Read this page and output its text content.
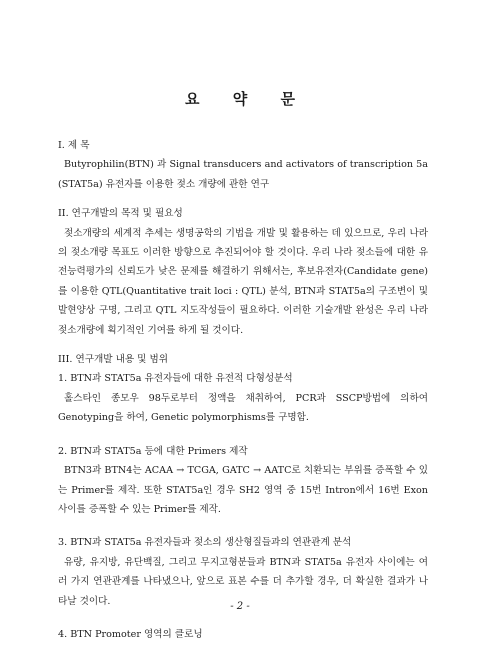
요 약 문

I. 제 목

Butyrophilin(BTN) 과 Signal transducers and activators of transcription 5a (STAT5a) 유전자를 이용한 젖소 개량에 관한 연구

II. 연구개발의 목적 및 필요성

젖소개량의 세계적 추세는 생명공학의 기법을 개발 및 활용하는 데 있으므로, 우리 나라의 젖소개량 목표도 이러한 방향으로 추진되어야 할 것이다. 우리 나라 젖소들에 대한 유전능력평가의 신뢰도가 낮은 문제를 해결하기 위해서는, 후보유전자(Candidate gene)를 이용한 QTL(Quantitative trait loci : QTL) 분석, BTN과 STAT5a의 구조변이 및 발현양상 구명, 그리고 QTL 지도작성들이 필요하다. 이러한 기술개발 완성은 우리 나라 젖소개량에 획기적인 기여를 하게 될 것이다.

III. 연구개발 내용 및 범위

1. BTN과 STAT5a 유전자들에 대한 유전적 다형성분석

홀스타인 종모우 98두로부터 정액을 채취하여, PCR과 SSCP방법에 의하여 Genotyping을 하여, Genetic polymorphisms를 구명함.

2. BTN과 STAT5a 등에 대한 Primers 제작

BTN3과 BTN4는 ACAA → TCGA, GATC → AATC로 치환되는 부위를 증폭할 수 있는 Primer를 제작. 또한 STAT5a인 경우 SH2 영역 중 15번 Intron에서 16번 Exon 사이를 증폭할 수 있는 Primer를 제작.

3. BTN과 STAT5a 유전자들과 젖소의 생산형질들과의 연관관계 분석

유량, 유지방, 유단백질, 그리고 무지고형분들과 BTN과 STAT5a 유전자 사이에는 여러 가지 연관관계를 나타냈으나, 앞으로 표본 수를 더 추가할 경우, 더 확실한 결과가 나타날 것이다.

4. BTN Promoter 영역의 클로닝

- 2 -
